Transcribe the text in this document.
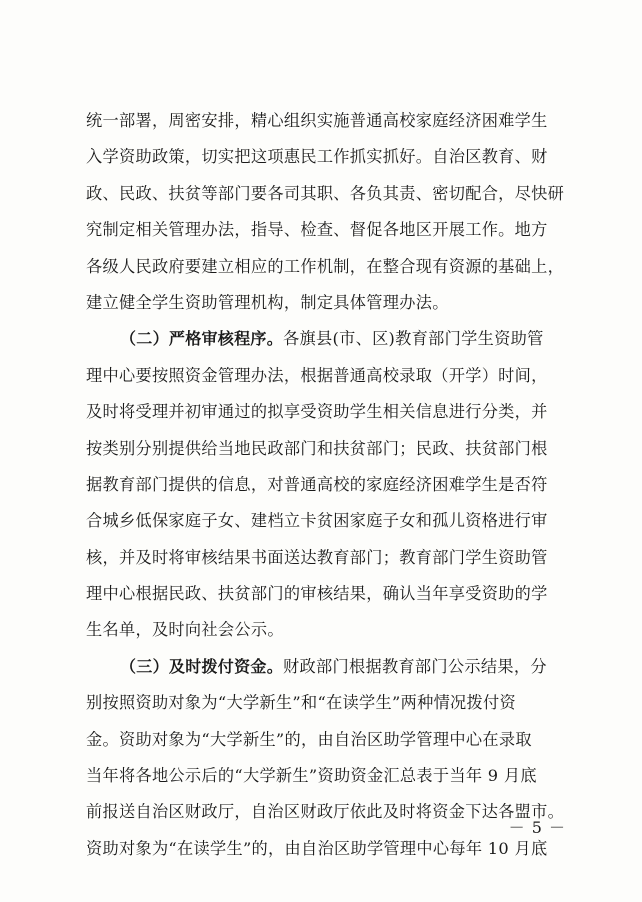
统一部署，周密安排，精心组织实施普通高校家庭经济困难学生
入学资助政策，切实把这项惠民工作抓实抓好。自治区教育、财
政、民政、扶贫等部门要各司其职、各负其责、密切配合，尽快研
究制定相关管理办法，指导、检查、督促各地区开展工作。地方
各级人民政府要建立相应的工作机制，在整合现有资源的基础上，
建立健全学生资助管理机构，制定具体管理办法。
（二）严格审核程序。各旗县(市、区)教育部门学生资助管
理中心要按照资金管理办法，根据普通高校录取（开学）时间，
及时将受理并初审通过的拟享受资助学生相关信息进行分类，并
按类别分别提供给当地民政部门和扶贫部门；民政、扶贫部门根
据教育部门提供的信息，对普通高校的家庭经济困难学生是否符
合城乡低保家庭子女、建档立卡贫困家庭子女和孤儿资格进行审
核，并及时将审核结果书面送达教育部门；教育部门学生资助管
理中心根据民政、扶贫部门的审核结果，确认当年享受资助的学
生名单，及时向社会公示。
（三）及时拨付资金。财政部门根据教育部门公示结果，分
别按照资助对象为“大学新生”和“在读学生”两种情况拨付资
金。资助对象为“大学新生”的，由自治区助学管理中心在录取
当年将各地公示后的“大学新生”资助资金汇总表于当年 9 月底
前报送自治区财政厅，自治区财政厅依此及时将资金下达各盟市。
资助对象为“在读学生”的，由自治区助学管理中心每年 10 月底
－ 5 －
